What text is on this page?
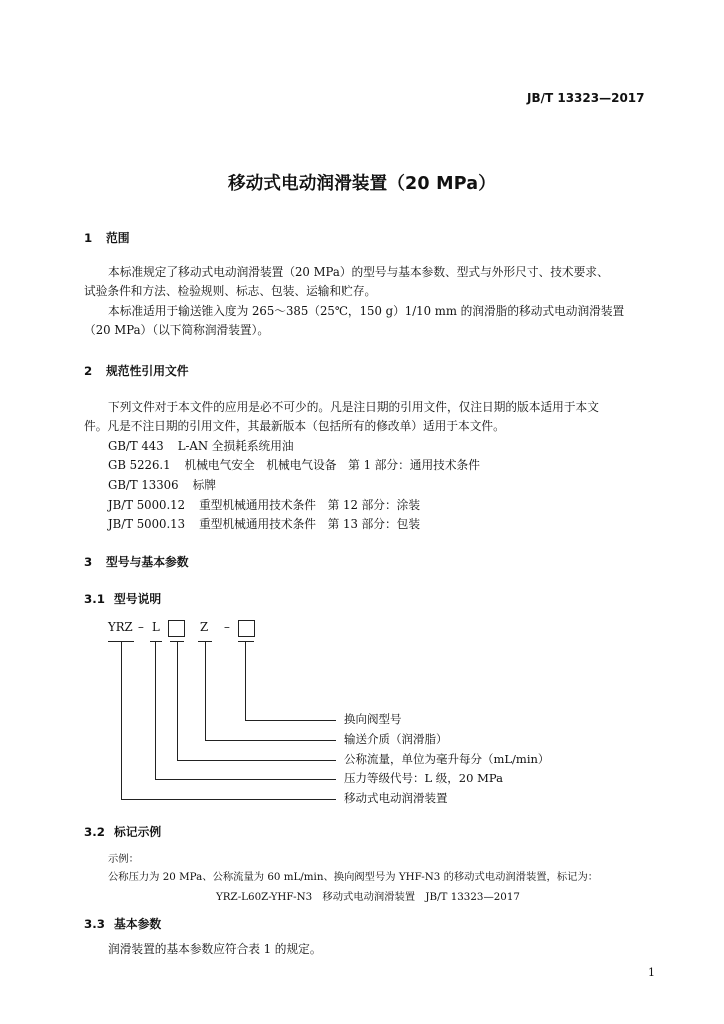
JB/T 13323—2017
移动式电动润滑装置（20 MPa）
1 范围
本标准规定了移动式电动润滑装置（20 MPa）的型号与基本参数、型式与外形尺寸、技术要求、
试验条件和方法、检验规则、标志、包装、运输和贮存。
本标准适用于输送锥入度为 265～385（25℃，150 g）1/10 mm 的润滑脂的移动式电动润滑装置
（20 MPa）（以下简称润滑装置）。
2 规范性引用文件
下列文件对于本文件的应用是必不可少的。凡是注日期的引用文件，仅注日期的版本适用于本文
件。凡是不注日期的引用文件，其最新版本（包括所有的修改单）适用于本文件。
GB/T 443 L-AN 全损耗系统用油
GB 5226.1 机械电气安全　机械电气设备　第 1 部分：通用技术条件
GB/T 13306 标牌
JB/T 5000.12 重型机械通用技术条件　第 12 部分：涂装
JB/T 5000.13 重型机械通用技术条件　第 13 部分：包装
3 型号与基本参数
3.1 型号说明
YRZ – L	Z –
换向阀型号
输送介质（润滑脂）
公称流量，单位为毫升每分（mL/min）
压力等级代号：L 级，20 MPa
移动式电动润滑装置
3.2 标记示例
示例：
公称压力为 20 MPa、公称流量为 60 mL/min、换向阀型号为 YHF-N3 的移动式电动润滑装置，标记为：
YRZ-L60Z-YHF-N3　移动式电动润滑装置　JB/T 13323—2017
3.3 基本参数
润滑装置的基本参数应符合表 1 的规定。
1
